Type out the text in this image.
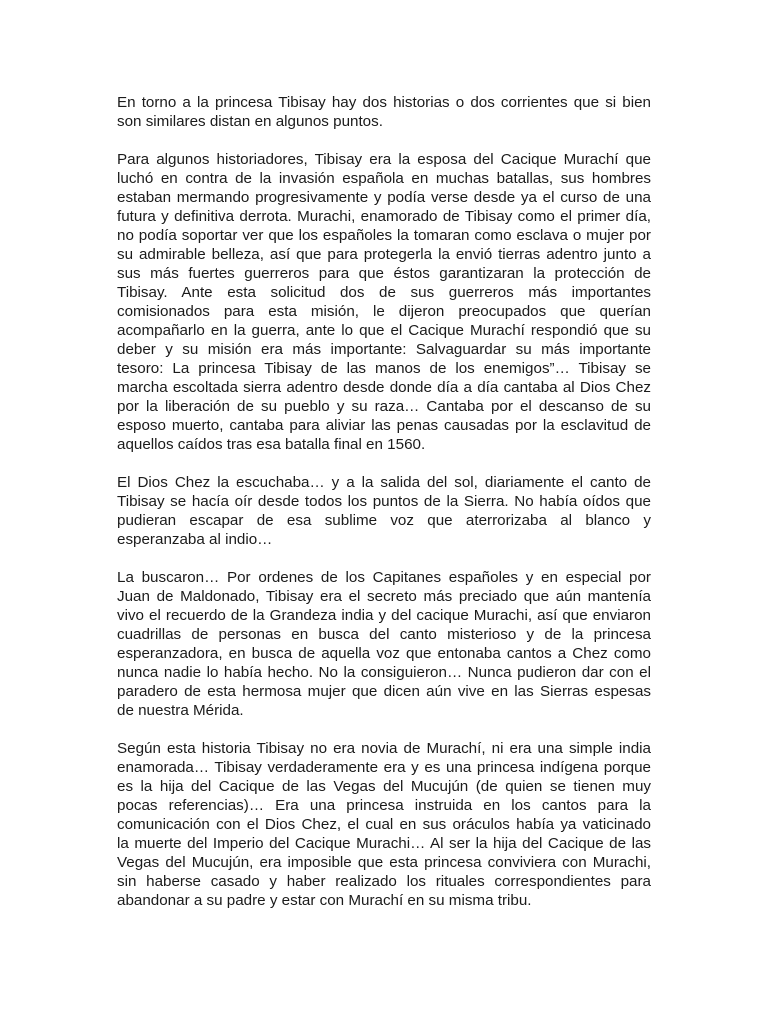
En torno a la princesa Tibisay hay dos historias o dos corrientes que si bien
son similares distan en algunos puntos.
Para algunos historiadores, Tibisay era la esposa del Cacique Murachí que
luchó en contra de la invasión española en muchas batallas, sus hombres
estaban mermando progresivamente y podía verse desde ya el curso de una
futura y definitiva derrota. Murachi, enamorado de Tibisay como el primer día,
no podía soportar ver que los españoles la tomaran como esclava o mujer por
su admirable belleza, así que para protegerla la envió tierras adentro junto a
sus más fuertes guerreros para que éstos garantizaran la protección de
Tibisay. Ante esta solicitud dos de sus guerreros más importantes
comisionados para esta misión, le dijeron preocupados que querían
acompañarlo en la guerra, ante lo que el Cacique Murachí respondió que su
deber y su misión era más importante: Salvaguardar su más importante
tesoro: La princesa Tibisay de las manos de los enemigos”… Tibisay se
marcha escoltada sierra adentro desde donde día a día cantaba al Dios Chez
por la liberación de su pueblo y su raza… Cantaba por el descanso de su
esposo muerto, cantaba para aliviar las penas causadas por la esclavitud de
aquellos caídos tras esa batalla final en 1560.
El Dios Chez la escuchaba… y a la salida del sol, diariamente el canto de
Tibisay se hacía oír desde todos los puntos de la Sierra. No había oídos que
pudieran escapar de esa sublime voz que aterrorizaba al blanco y
esperanzaba al indio…
La buscaron… Por ordenes de los Capitanes españoles y en especial por
Juan de Maldonado, Tibisay era el secreto más preciado que aún mantenía
vivo el recuerdo de la Grandeza india y del cacique Murachi, así que enviaron
cuadrillas de personas en busca del canto misterioso y de la princesa
esperanzadora, en busca de aquella voz que entonaba cantos a Chez como
nunca nadie lo había hecho. No la consiguieron… Nunca pudieron dar con el
paradero de esta hermosa mujer que dicen aún vive en las Sierras espesas
de nuestra Mérida.
Según esta historia Tibisay no era novia de Murachí, ni era una simple india
enamorada… Tibisay verdaderamente era y es una princesa indígena porque
es la hija del Cacique de las Vegas del Mucujún (de quien se tienen muy
pocas referencias)… Era una princesa instruida en los cantos para la
comunicación con el Dios Chez, el cual en sus oráculos había ya vaticinado
la muerte del Imperio del Cacique Murachi… Al ser la hija del Cacique de las
Vegas del Mucujún, era imposible que esta princesa conviviera con Murachi,
sin haberse casado y haber realizado los rituales correspondientes para
abandonar a su padre y estar con Murachí en su misma tribu.
